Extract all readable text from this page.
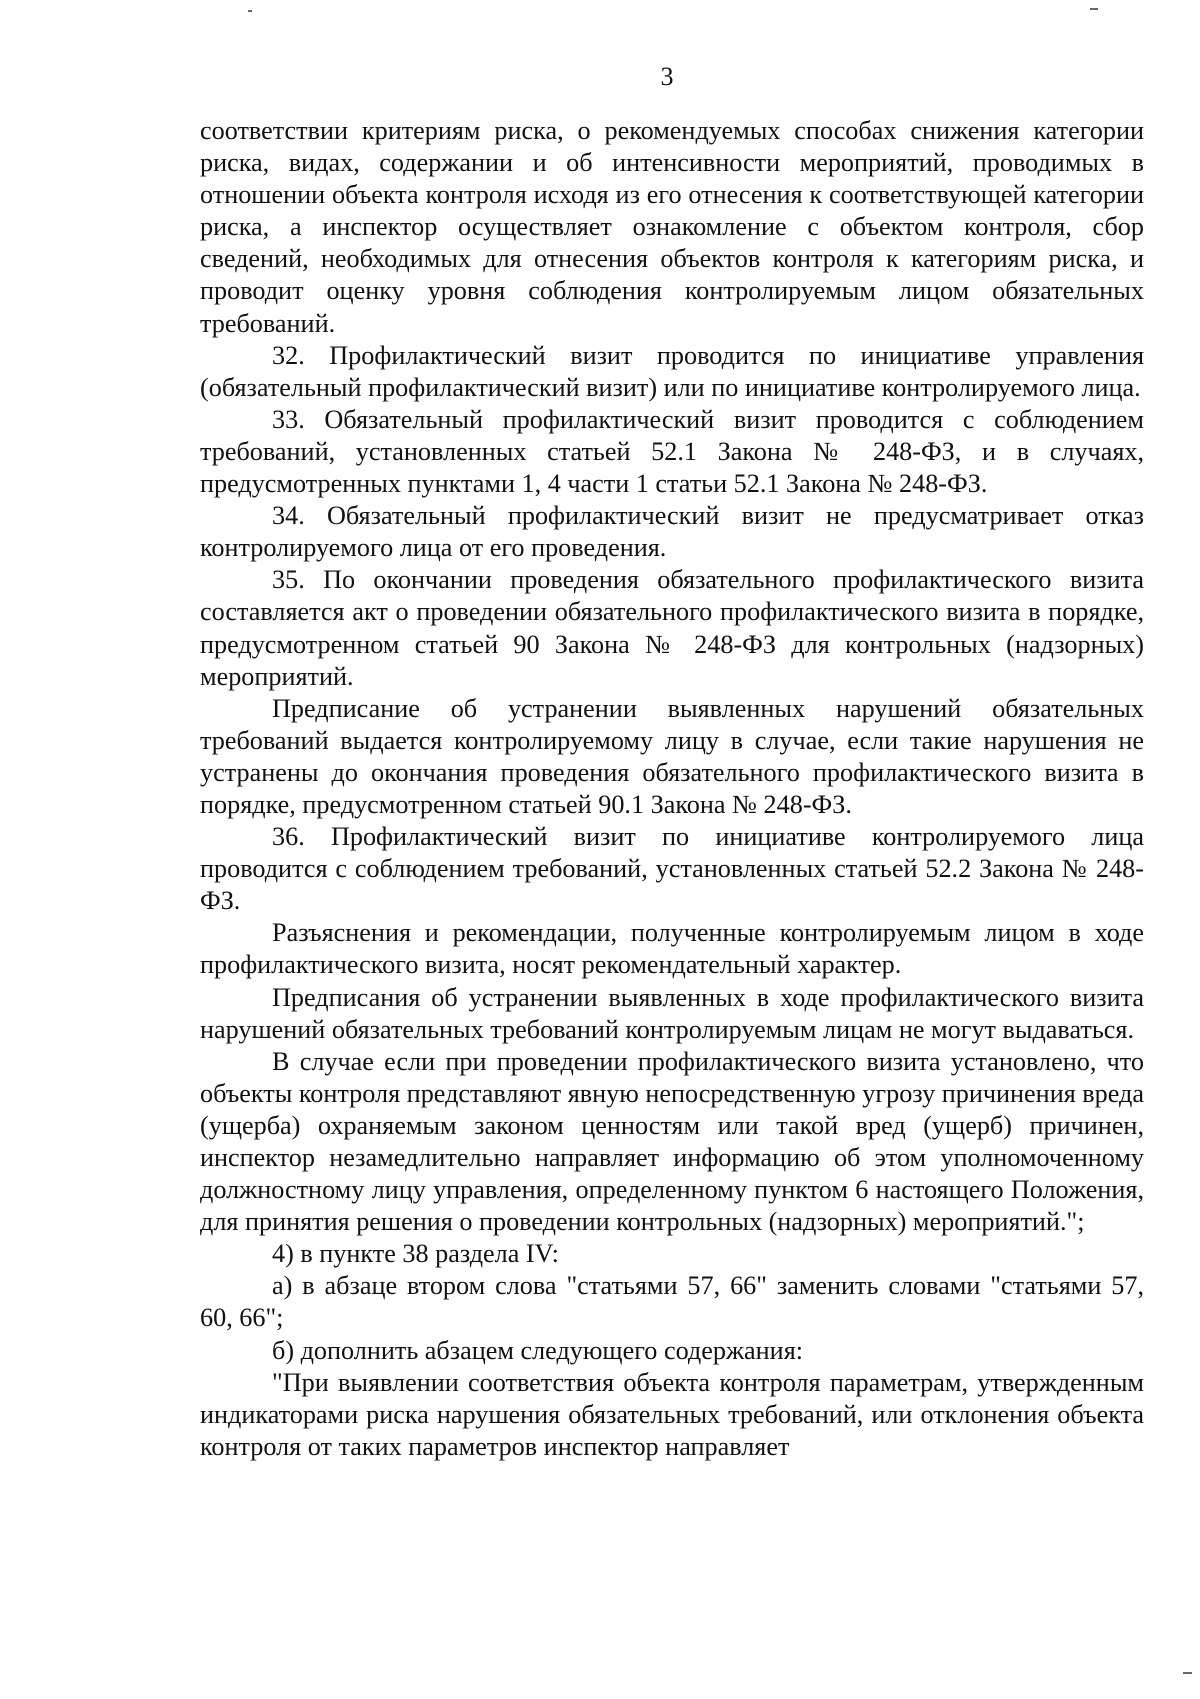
3

соответствии критериям риска, о рекомендуемых способах снижения категории риска, видах, содержании и об интенсивности мероприятий, проводимых в отношении объекта контроля исходя из его отнесения к соответствующей категории риска, а инспектор осуществляет ознакомление с объектом контроля, сбор сведений, необходимых для отнесения объектов контроля к категориям риска, и проводит оценку уровня соблюдения контролируемым лицом обязательных требований.

32. Профилактический визит проводится по инициативе управления (обязательный профилактический визит) или по инициативе контролируемого лица.

33. Обязательный профилактический визит проводится с соблюдением требований, установленных статьей 52.1 Закона № 248-ФЗ, и в случаях, предусмотренных пунктами 1, 4 части 1 статьи 52.1 Закона № 248-ФЗ.

34. Обязательный профилактический визит не предусматривает отказ контролируемого лица от его проведения.

35. По окончании проведения обязательного профилактического визита составляется акт о проведении обязательного профилактического визита в порядке, предусмотренном статьей 90 Закона № 248-ФЗ для контрольных (надзорных) мероприятий.

Предписание об устранении выявленных нарушений обязательных требований выдается контролируемому лицу в случае, если такие нарушения не устранены до окончания проведения обязательного профилактического визита в порядке, предусмотренном статьей 90.1 Закона № 248-ФЗ.

36. Профилактический визит по инициативе контролируемого лица проводится с соблюдением требований, установленных статьей 52.2 Закона № 248-ФЗ.

Разъяснения и рекомендации, полученные контролируемым лицом в ходе профилактического визита, носят рекомендательный характер.

Предписания об устранении выявленных в ходе профилактического визита нарушений обязательных требований контролируемым лицам не могут выдаваться.

В случае если при проведении профилактического визита установлено, что объекты контроля представляют явную непосредственную угрозу причинения вреда (ущерба) охраняемым законом ценностям или такой вред (ущерб) причинен, инспектор незамедлительно направляет информацию об этом уполномоченному должностному лицу управления, определенному пунктом 6 настоящего Положения, для принятия решения о проведении контрольных (надзорных) мероприятий.";

4) в пункте 38 раздела IV:

а) в абзаце втором слова "статьями 57, 66" заменить словами "статьями 57, 60, 66";

б) дополнить абзацем следующего содержания:

"При выявлении соответствия объекта контроля параметрам, утвержденным индикаторами риска нарушения обязательных требований, или отклонения объекта контроля от таких параметров инспектор направляет
